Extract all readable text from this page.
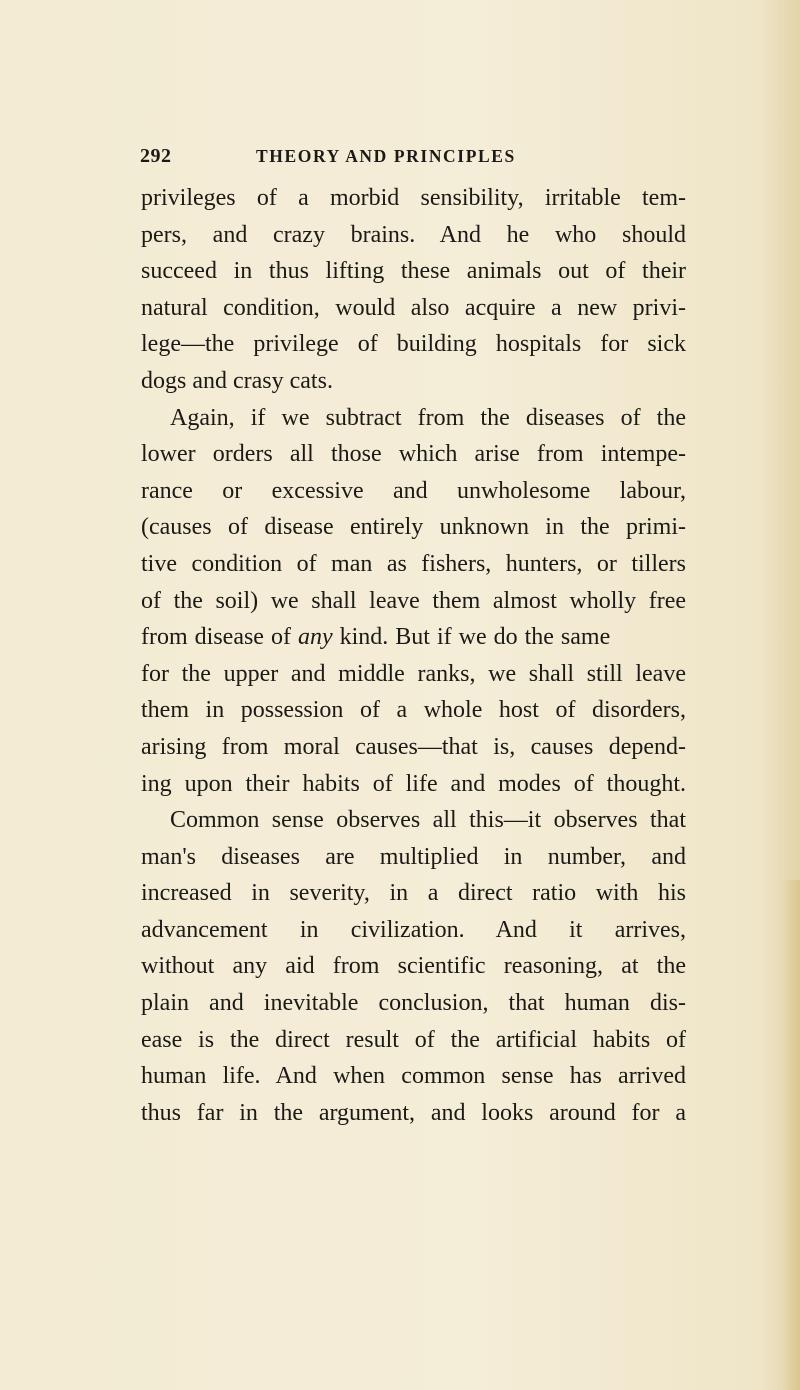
292	THEORY AND PRINCIPLES
privileges of a morbid sensibility, irritable tem-
pers, and crazy brains. And he who should
succeed in thus lifting these animals out of their
natural condition, would also acquire a new privi-
lege—the privilege of building hospitals for sick
dogs and crasy cats.
Again, if we subtract from the diseases of the
lower orders all those which arise from intempe-
rance or excessive and unwholesome labour,
(causes of disease entirely unknown in the primi-
tive condition of man as fishers, hunters, or tillers
of the soil) we shall leave them almost wholly free
from disease of any kind. But if we do the same
for the upper and middle ranks, we shall still leave
them in possession of a whole host of disorders,
arising from moral causes—that is, causes depend-
ing upon their habits of life and modes of thought.
Common sense observes all this—it observes that
man's diseases are multiplied in number, and
increased in severity, in a direct ratio with his
advancement in civilization. And it arrives,
without any aid from scientific reasoning, at the
plain and inevitable conclusion, that human dis-
ease is the direct result of the artificial habits of
human life. And when common sense has arrived
thus far in the argument, and looks around for a
